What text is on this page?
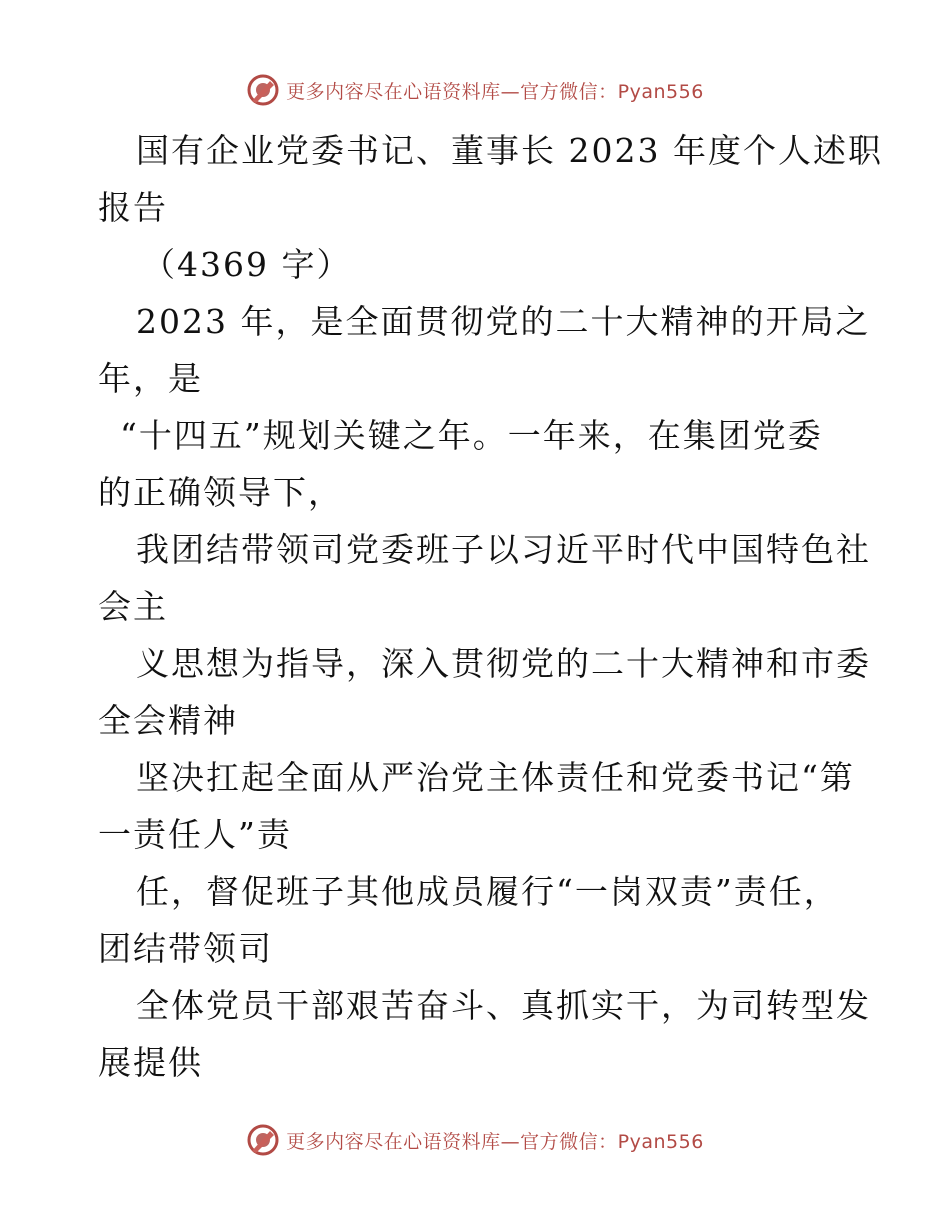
更多内容尽在心语资料库—官方微信：Pyan556
国有企业党委书记、董事长 2023 年度个人述职
报告
（4369 字）
2023 年，是全面贯彻党的二十大精神的开局之
年，是
“十四五”规划关键之年。一年来，在集团党委
的正确领导下，
我团结带领司党委班子以习近平时代中国特色社
会主
义思想为指导，深入贯彻党的二十大精神和市委
全会精神
坚决扛起全面从严治党主体责任和党委书记“第
一责任人”责
任，督促班子其他成员履行“一岗双责”责任，
团结带领司
全体党员干部艰苦奋斗、真抓实干，为司转型发
展提供
更多内容尽在心语资料库—官方微信：Pyan556
